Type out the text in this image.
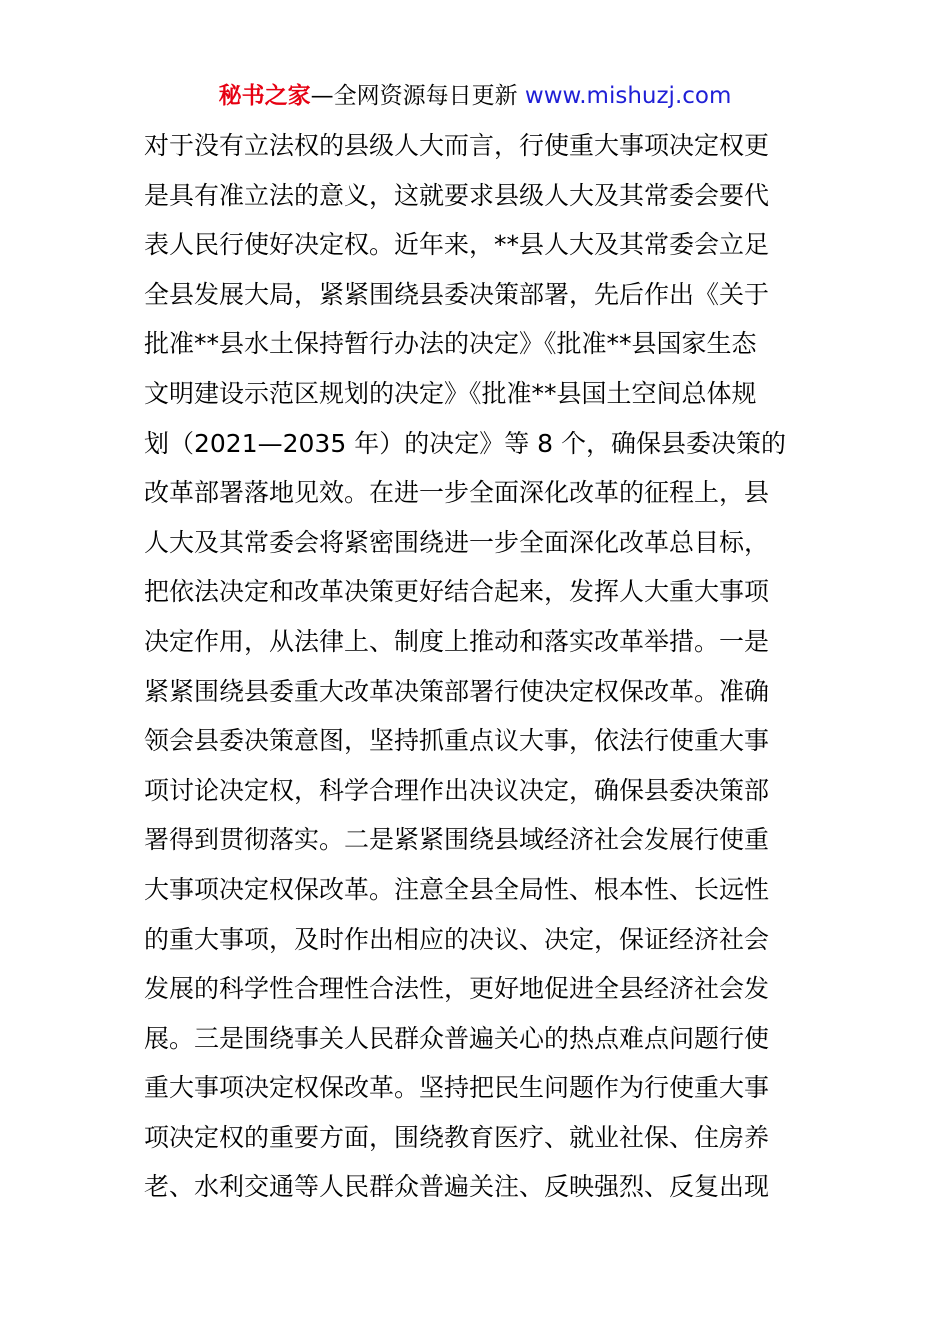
秘书之家—全网资源每日更新 www.mishuzj.com
对于没有立法权的县级人大而言，行使重大事项决定权更
是具有准立法的意义，这就要求县级人大及其常委会要代
表人民行使好决定权。近年来，**县人大及其常委会立足
全县发展大局，紧紧围绕县委决策部署，先后作出《关于
批准**县水土保持暂行办法的决定》《批准**县国家生态
文明建设示范区规划的决定》《批准**县国土空间总体规
划（2021—2035 年）的决定》等 8 个，确保县委决策的
改革部署落地见效。在进一步全面深化改革的征程上，县
人大及其常委会将紧密围绕进一步全面深化改革总目标，
把依法决定和改革决策更好结合起来，发挥人大重大事项
决定作用，从法律上、制度上推动和落实改革举措。一是
紧紧围绕县委重大改革决策部署行使决定权保改革。准确
领会县委决策意图，坚持抓重点议大事，依法行使重大事
项讨论决定权，科学合理作出决议决定，确保县委决策部
署得到贯彻落实。二是紧紧围绕县域经济社会发展行使重
大事项决定权保改革。注意全县全局性、根本性、长远性
的重大事项，及时作出相应的决议、决定，保证经济社会
发展的科学性合理性合法性，更好地促进全县经济社会发
展。三是围绕事关人民群众普遍关心的热点难点问题行使
重大事项决定权保改革。坚持把民生问题作为行使重大事
项决定权的重要方面，围绕教育医疗、就业社保、住房养
老、水利交通等人民群众普遍关注、反映强烈、反复出现
